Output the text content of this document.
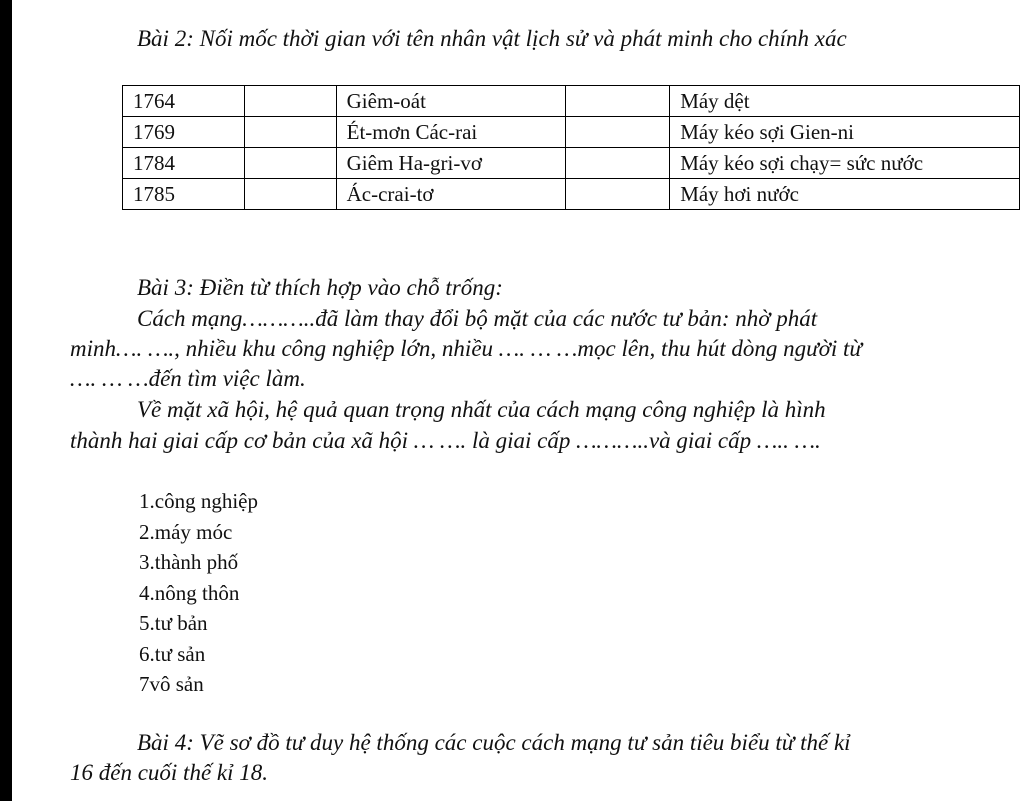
Bài 2: Nối mốc thời gian với tên nhân vật lịch sử và phát minh cho chính xác
1764		Giêm-oát		Máy dệt
1769		Ét-mơn Các-rai		Máy kéo sợi Gien-ni
1784		Giêm Ha-gri-vơ		Máy kéo sợi chạy= sức nước
1785		Ác-crai-tơ		Máy hơi nước
Bài 3: Điền từ thích hợp vào chỗ trống:
Cách mạng………..đã làm thay đổi bộ mặt của các nước tư bản: nhờ phát
minh…. …., nhiều khu công nghiệp lớn, nhiều …. … …mọc lên, thu hút dòng người từ
…. … …đến tìm việc làm.
Về mặt xã hội, hệ quả quan trọng nhất của cách mạng công nghiệp là hình
thành hai giai cấp cơ bản của xã hội … …. là giai cấp ………..và giai cấp ….. ….
1.công nghiệp
2.máy móc
3.thành phố
4.nông thôn
5.tư bản
6.tư sản
7vô sản
Bài 4: Vẽ sơ đồ tư duy hệ thống các cuộc cách mạng tư sản tiêu biểu từ thế kỉ
16 đến cuối thế kỉ 18.
